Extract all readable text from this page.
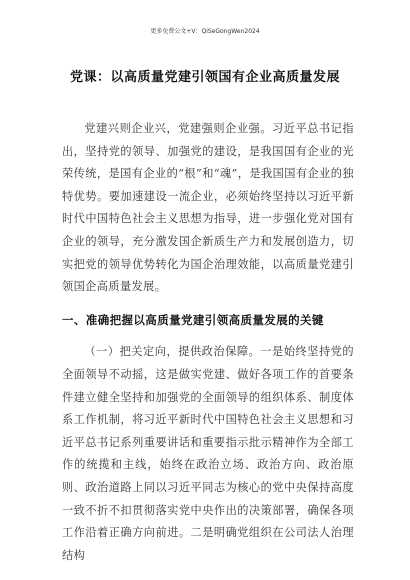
更多免费公文+V：QiSeGongWen2024
党课：以高质量党建引领国有企业高质量发展

党建兴则企业兴，党建强则企业强。习近平总书记指出，坚持党的领导、加强党的建设，是我国国有企业的光荣传统，是国有企业的“根”和“魂”，是我国国有企业的独特优势。要加速建设一流企业，必须始终坚持以习近平新时代中国特色社会主义思想为指导，进一步强化党对国有企业的领导，充分激发国企新质生产力和发展创造力，切实把党的领导优势转化为国企治理效能，以高质量党建引领国企高质量发展。

一、准确把握以高质量党建引领高质量发展的关键

（一）把关定向，提供政治保障。一是始终坚持党的全面领导不动摇，这是做实党建、做好各项工作的首要条件建立健全坚持和加强党的全面领导的组织体系、制度体系工作机制，将习近平新时代中国特色社会主义思想和习近平总书记系列重要讲话和重要指示批示精神作为全部工作的统揽和主线，始终在政治立场、政治方向、政治原则、政治道路上同以习近平同志为核心的党中央保持高度一致不折不扣贯彻落实党中央作出的决策部署，确保各项工作沿着正确方向前进。二是明确党组织在公司法人治理结构
